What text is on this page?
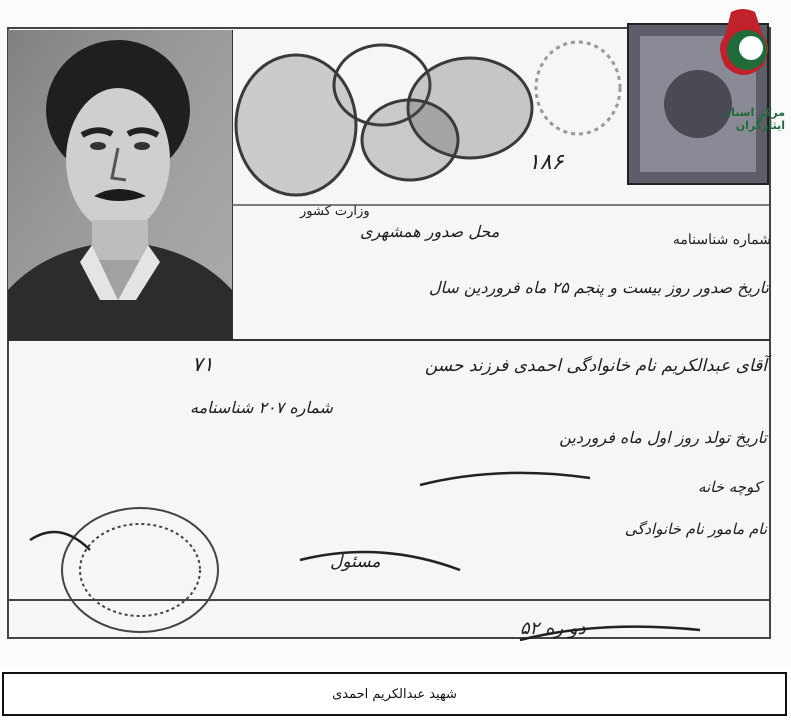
مرکز اسناد ایثارگران
۱۸۶
وزارت کشور
شماره شناسنامه
محل صدور همشهری
تاریخ صدور روز بیست و پنجم ۲۵ ماه فروردین سال
آقای عبدالکریم نام خانوادگی احمدی فرزند حسن
۷۱
شماره ۲۰۷ شناسنامه
تاریخ تولد روز اول ماه فروردین
کوچه خانه
نام مامور نام خانوادگی
مسئول
دو ره ۵۲
شهید عبدالکریم احمدی
